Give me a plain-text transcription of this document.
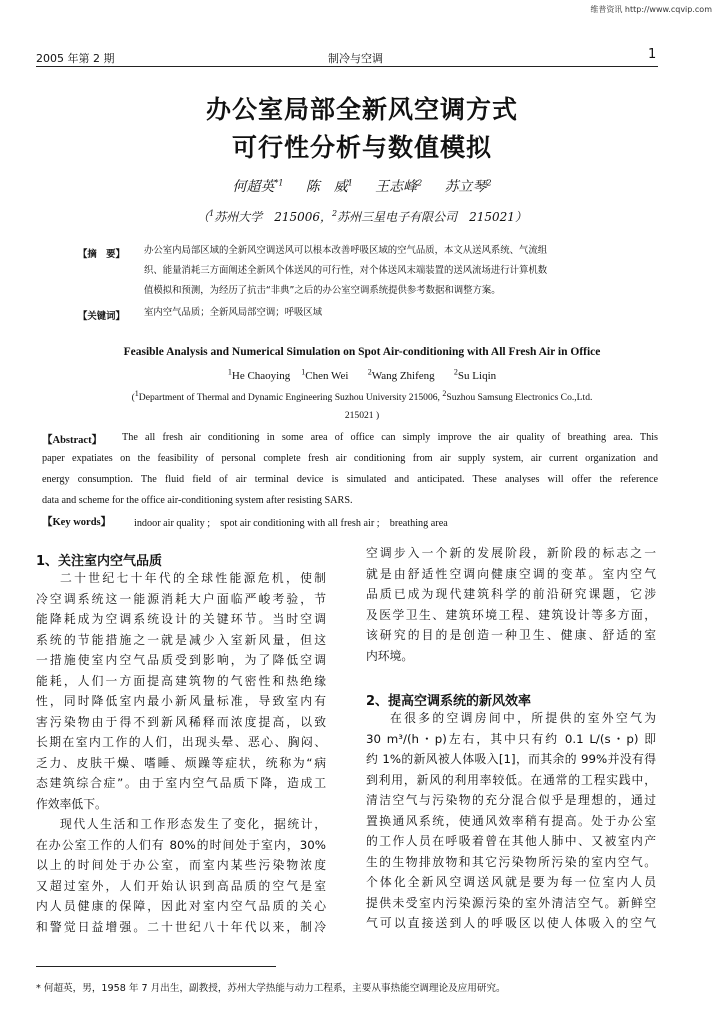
维普资讯 http://www.cqvip.com
2005 年第 2 期	制冷与空调	1
办公室局部全新风空调方式
可行性分析与数值模拟
何超英$^{*1}$ 陈　威$^1$ 王志峰$^2$ 苏立琴$^2$
（$^1$苏州大学　215006，$^2$苏州三星电子有限公司　215021）
【摘　要】 办公室内局部区域的全新风空调送风可以根本改善呼吸区域的空气品质，本文从送风系统、气流组
织、能量消耗三方面阐述全新风个体送风的可行性，对个体送风末端装置的送风流场进行计算机数
值模拟和预测，为经历了抗击“非典”之后的办公室空调系统提供参考数据和调整方案。
【关键词】 室内空气品质；全新风局部空调；呼吸区域
Feasible Analysis and Numerical Simulation on Spot Air-conditioning with All Fresh Air in Office
$^1$He Chaoying $^1$Chen Wei $^2$Wang Zhifeng $^2$Su Liqin
($^1$Department of Thermal and Dynamic Engineering Suzhou University 215006, $^2$Suzhou Samsung Electronics Co.,Ltd.
215021 )
【Abstract】 The all fresh air conditioning in some area of office can simply improve the air quality of breathing area. This
paper expatiates on the feasibility of personal complete fresh air conditioning from air supply system, air current organization and
energy consumption. The fluid field of air terminal device is simulated and anticipated. These analyses will offer the reference
data and scheme for the office air-conditioning system after resisting SARS.
【Key words】 indoor air quality ;　spot air conditioning with all fresh air ;　breathing area
1、关注室内空气品质
二十世纪七十年代的全球性能源危机，使制
冷空调系统这一能源消耗大户面临严峻考验，节
能降耗成为空调系统设计的关键环节。当时空调
系统的节能措施之一就是减少入室新风量，但这
一措施使室内空气品质受到影响，为了降低空调
能耗，人们一方面提高建筑物的气密性和热绝缘
性，同时降低室内最小新风量标准，导致室内有
害污染物由于得不到新风稀释而浓度提高，以致
长期在室内工作的人们，出现头晕、恶心、胸闷、
乏力、皮肤干燥、嗜睡、烦躁等症状，统称为“病
态建筑综合症”。由于室内空气品质下降，造成工
作效率低下。
现代人生活和工作形态发生了变化，据统计，
在办公室工作的人们有 80%的时间处于室内，30%
以上的时间处于办公室，而室内某些污染物浓度
又超过室外，人们开始认识到高品质的空气是室
内人员健康的保障，因此对室内空气品质的关心
和警觉日益增强。二十世纪八十年代以来，制冷
空调步入一个新的发展阶段，新阶段的标志之一
就是由舒适性空调向健康空调的变革。室内空气
品质已成为现代建筑科学的前沿研究课题，它涉
及医学卫生、建筑环境工程、建筑设计等多方面，
该研究的目的是创造一种卫生、健康、舒适的室
内环境。
2、提高空调系统的新风效率
在很多的空调房间中，所提供的室外空气为
30 m³/(h・p)左右，其中只有约 0.1 L/(s・p) 即
约 1%的新风被人体吸入[1]，而其余的 99%并没有得
到利用，新风的利用率较低。在通常的工程实践中，
清洁空气与污染物的充分混合似乎是理想的，通过
置换通风系统，使通风效率稍有提高。处于办公室
的工作人员在呼吸着曾在其他人肺中、又被室内产
生的生物排放物和其它污染物所污染的室内空气。
个体化全新风空调送风就是要为每一位室内人员
提供未受室内污染源污染的室外清洁空气。新鲜空
气可以直接送到人的呼吸区以使人体吸入的空气
* 何超英，男，1958 年 7 月出生，副教授，苏州大学热能与动力工程系，主要从事热能空调理论及应用研究。
